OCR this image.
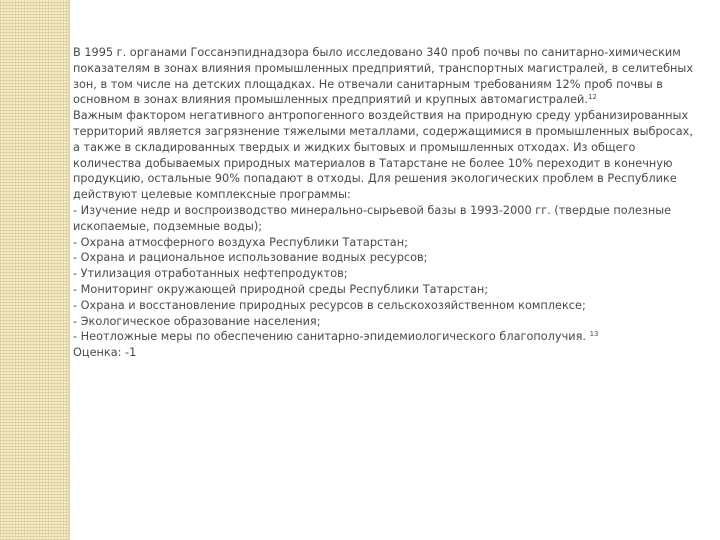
В 1995 г. органами Госсанэпиднадзора было исследовано 340 проб почвы по санитарно-химическим показателям в зонах влияния промышленных предприятий, транспортных магистралей, в селитебных зон, в том числе на детских площадках. Не отвечали санитарным требованиям 12% проб почвы в основном в зонах влияния промышленных предприятий и крупных автомагистралей.$^{12}$

Важным фактором негативного антропогенного воздействия на природную среду урбанизированных территорий является загрязнение тяжелыми металлами, содержащимися в промышленных выбросах, а также в складированных твердых и жидких бытовых и промышленных отходах. Из общего количества добываемых природных материалов в Татарстане не более 10% переходит в конечную продукцию, остальные 90% попадают в отходы. Для решения экологических проблем в Республике действуют целевые комплексные программы:

- Изучение недр и воспроизводство минерально-сырьевой базы в 1993-2000 гг. (твердые полезные ископаемые, подземные воды);

- Охрана атмосферного воздуха Республики Татарстан;

- Охрана и рациональное использование водных ресурсов;

- Утилизация отработанных нефтепродуктов;

- Мониторинг окружающей природной среды Республики Татарстан;

- Охрана и восстановление природных ресурсов в сельскохозяйственном комплексе;

- Экологическое образование населения;

- Неотложные меры по обеспечению санитарно-эпидемиологического благополучия. $^{13}$

Оценка: -1
